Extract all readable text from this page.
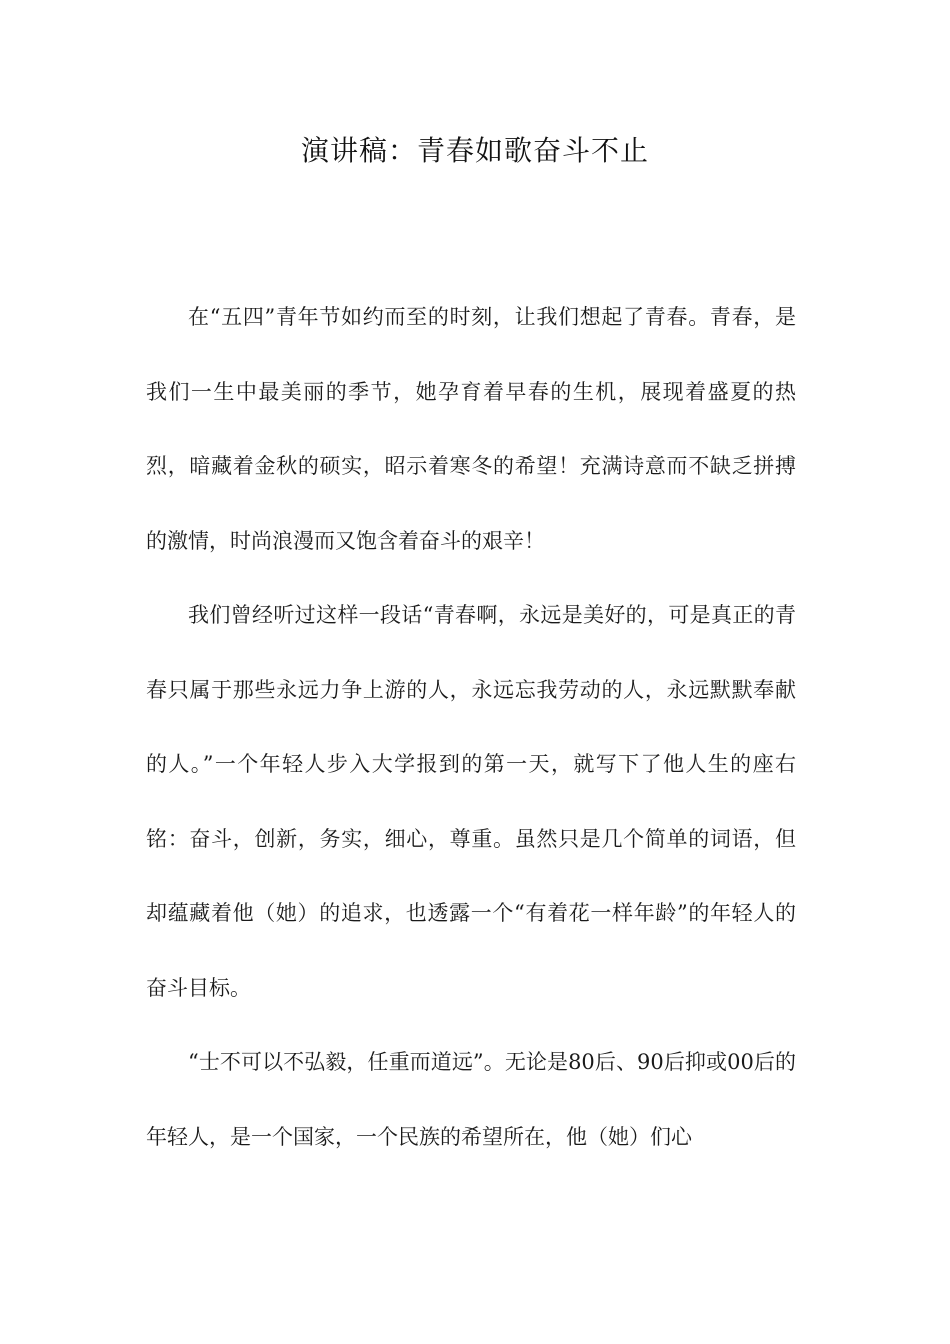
演讲稿：青春如歌奋斗不止

在“五四”青年节如约而至的时刻，让我们想起了青春。青春，是我们一生中最美丽的季节，她孕育着早春的生机，展现着盛夏的热烈，暗藏着金秋的硕实，昭示着寒冬的希望！充满诗意而不缺乏拼搏的激情，时尚浪漫而又饱含着奋斗的艰辛！

我们曾经听过这样一段话“青春啊，永远是美好的，可是真正的青春只属于那些永远力争上游的人，永远忘我劳动的人，永远默默奉献的人。”一个年轻人步入大学报到的第一天，就写下了他人生的座右铭：奋斗，创新，务实，细心，尊重。虽然只是几个简单的词语，但却蕴藏着他（她）的追求，也透露一个“有着花一样年龄”的年轻人的奋斗目标。

“士不可以不弘毅，任重而道远”。无论是80后、90后抑或00后的年轻人，是一个国家，一个民族的希望所在，他（她）们心
